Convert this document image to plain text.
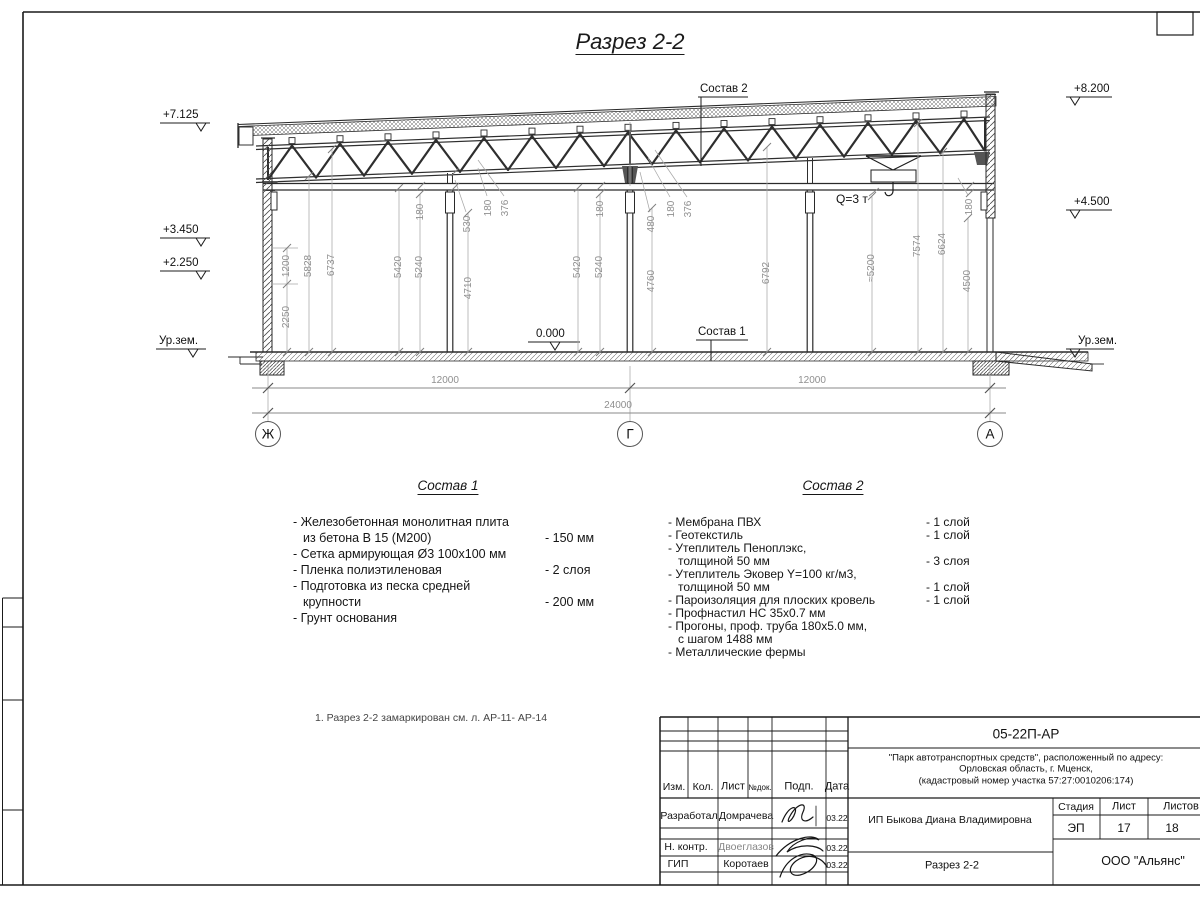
Разрез 2-2
+7.125
+3.450
+2.250
Ур.зем.
+8.200
+4.500
Ур.зем.
0.000
Состав 2
Состав 1
Q=3 т
1200 5828 6737
2250
5420 5240
180
530
180 376
4710
5420 5240
180
480
180 376
4760	6792	≈5200
7574 6624
4500
180
12000	12000
24000
Ж	Г	А
Состав 1
- Железобетонная монолитная плита
из бетона В 15 (М200)	- 150 мм
- Сетка армирующая Ø3 100х100 мм
- Пленка полиэтиленовая	- 2 слоя
- Подготовка из песка средней
крупности	- 200 мм
- Грунт основания
Состав 2
- Мембрана ПВХ	- 1 слой
- Геотекстиль	- 1 слой
- Утеплитель Пеноплэкс,
толщиной 50 мм	- 3 слоя
- Утеплитель Эковер Y=100 кг/м3,
толщиной 50 мм	- 1 слой
- Пароизоляция для плоских кровель	- 1 слой
- Профнастил НС 35х0.7 мм
- Прогоны, проф. труба 180х5.0 мм,
с шагом 1488 мм
- Металлические фермы
1. Разрез 2-2 замаркирован см. л. АР-11- АР-14
05-22П-АР
"Парк автотранспортных средств", расположенный по адресу:
Орловская область, г. Мценск,
(кадастровый номер участка 57:27:0010206:174)
Изм. Кол. Лист №док. Подп. Дата
Разработал Домрачева	03.22
Н. контр. Двоеглазов	03.22
ГИП	Коротаев	03.22
ИП Быкова Диана Владимировна
Разрез 2-2
Стадия Лист Листов
ЭП	17	18
ООО "Альянс"
